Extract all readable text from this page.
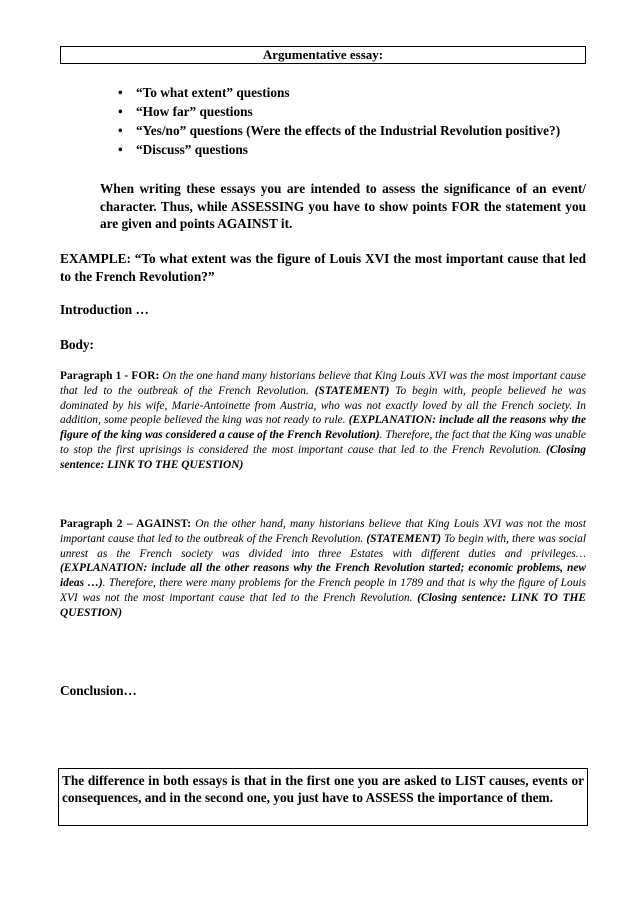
Argumentative essay:
• “To what extent” questions
• “How far” questions
• “Yes/no” questions (Were the effects of the Industrial Revolution positive?)
• “Discuss” questions
When writing these essays you are intended to assess the significance of an event/ character. Thus, while ASSESSING you have to show points FOR the statement you are given and points AGAINST it.
EXAMPLE: “To what extent was the figure of Louis XVI the most important cause that led to the French Revolution?”
Introduction …
Body:
Paragraph 1 - FOR: On the one hand many historians believe that King Louis XVI was the most important cause that led to the outbreak of the French Revolution. (STATEMENT) To begin with, people believed he was dominated by his wife, Marie-Antoinette from Austria, who was not exactly loved by all the French society. In addition, some people believed the king was not ready to rule. (EXPLANATION: include all the reasons why the figure of the king was considered a cause of the French Revolution). Therefore, the fact that the King was unable to stop the first uprisings is considered the most important cause that led to the French Revolution. (Closing sentence: LINK TO THE QUESTION)
Paragraph 2 – AGAINST: On the other hand, many historians believe that King Louis XVI was not the most important cause that led to the outbreak of the French Revolution. (STATEMENT) To begin with, there was social unrest as the French society was divided into three Estates with different duties and privileges… (EXPLANATION: include all the other reasons why the French Revolution started; economic problems, new ideas …). Therefore, there were many problems for the French people in 1789 and that is why the figure of Louis XVI was not the most important cause that led to the French Revolution. (Closing sentence: LINK TO THE QUESTION)
Conclusion…
The difference in both essays is that in the first one you are asked to LIST causes, events or consequences, and in the second one, you just have to ASSESS the importance of them.
